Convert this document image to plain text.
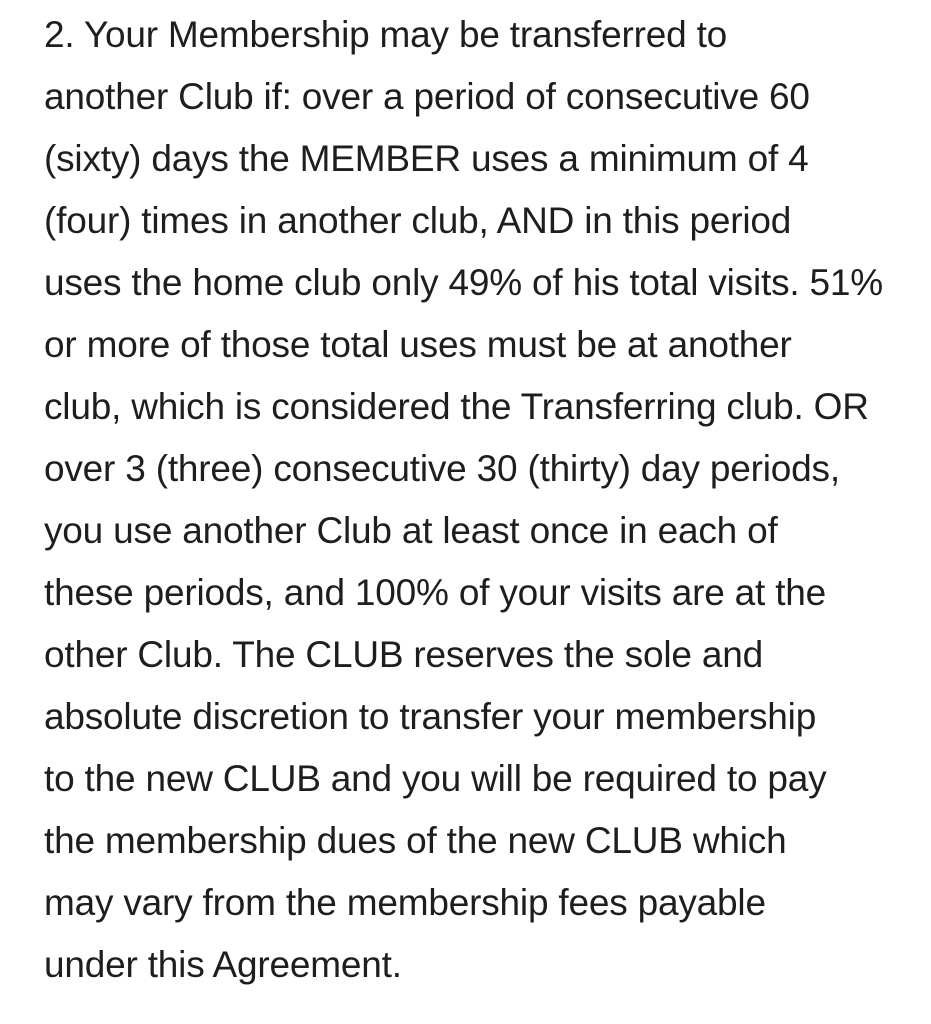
2. Your Membership may be transferred to
another Club if: over a period of consecutive 60
(sixty) days the MEMBER uses a minimum of 4
(four) times in another club, AND in this period
uses the home club only 49% of his total visits. 51%
or more of those total uses must be at another
club, which is considered the Transferring club. OR
over 3 (three) consecutive 30 (thirty) day periods,
you use another Club at least once in each of
these periods, and 100% of your visits are at the
other Club. The CLUB reserves the sole and
absolute discretion to transfer your membership
to the new CLUB and you will be required to pay
the membership dues of the new CLUB which
may vary from the membership fees payable
under this Agreement.
